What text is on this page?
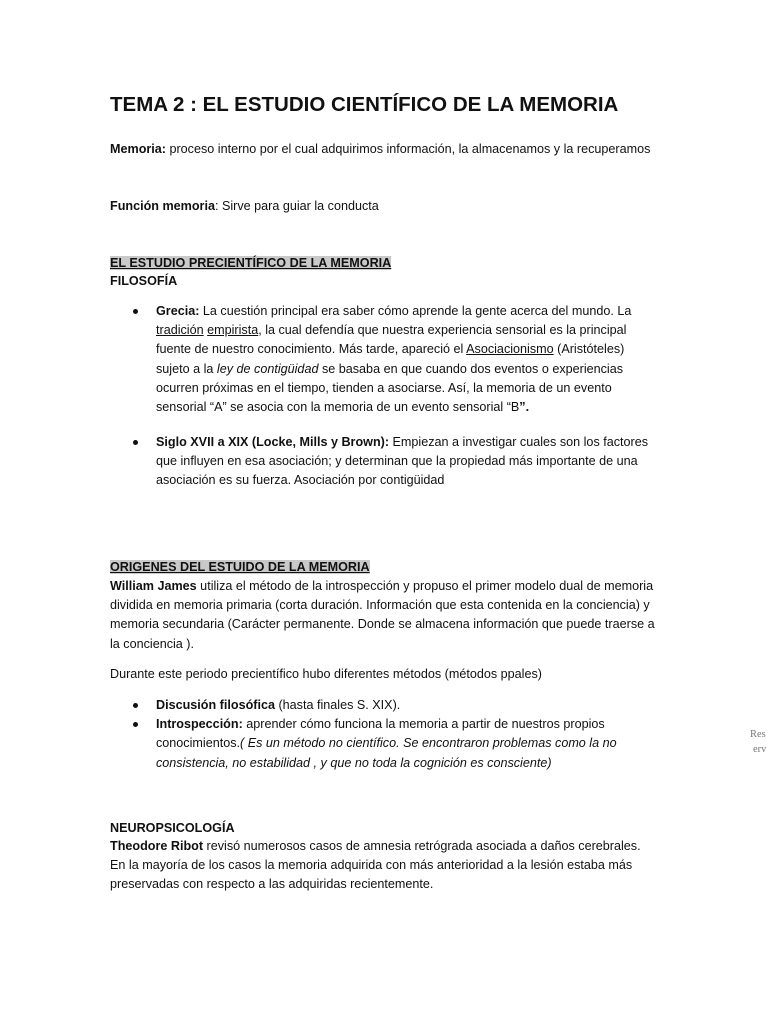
TEMA 2 : EL ESTUDIO CIENTÍFICO DE LA MEMORIA
Memoria: proceso interno por el cual adquirimos información, la almacenamos y la recuperamos
Función memoria: Sirve para guiar la conducta
EL ESTUDIO PRECIENTÍFICO DE LA MEMORIA
FILOSOFÍA
Grecia: La cuestión principal era saber cómo aprende la gente acerca del mundo. La tradición empirista, la cual defendía que nuestra experiencia sensorial es la principal fuente de nuestro conocimiento. Más tarde, apareció el Asociacionismo (Aristóteles) sujeto a la ley de contigüidad se basaba en que cuando dos eventos o experiencias ocurren próximas en el tiempo, tienden a asociarse. Así, la memoria de un evento sensorial “A” se asocia con la memoria de un evento sensorial “B”.
Siglo XVII a XIX (Locke, Mills y Brown): Empiezan a investigar cuales son los factores que influyen en esa asociación; y determinan que la propiedad más importante de una asociación es su fuerza. Asociación por contigüidad
ORIGENES DEL ESTUIDO DE LA MEMORIA
William James utiliza el método de la introspección y propuso el primer modelo dual de memoria dividida en memoria primaria (corta duración. Información que esta contenida en la conciencia) y memoria secundaria (Carácter permanente. Donde se almacena información que puede traerse a la conciencia ).
Durante este periodo precientífico hubo diferentes métodos (métodos ppales)
Discusión filosófica (hasta finales S. XIX).
Introspección: aprender cómo funciona la memoria a partir de nuestros propios conocimientos.( Es un método no científico. Se encontraron problemas como la no consistencia, no estabilidad , y que no toda la cognición es consciente)
NEUROPSICOLOGÍA
Theodore Ribot revisó numerosos casos de amnesia retrógrada asociada a daños cerebrales. En la mayoría de los casos la memoria adquirida con más anterioridad a la lesión estaba más preservadas con respecto a las adquiridas recientemente.
Res
erv
